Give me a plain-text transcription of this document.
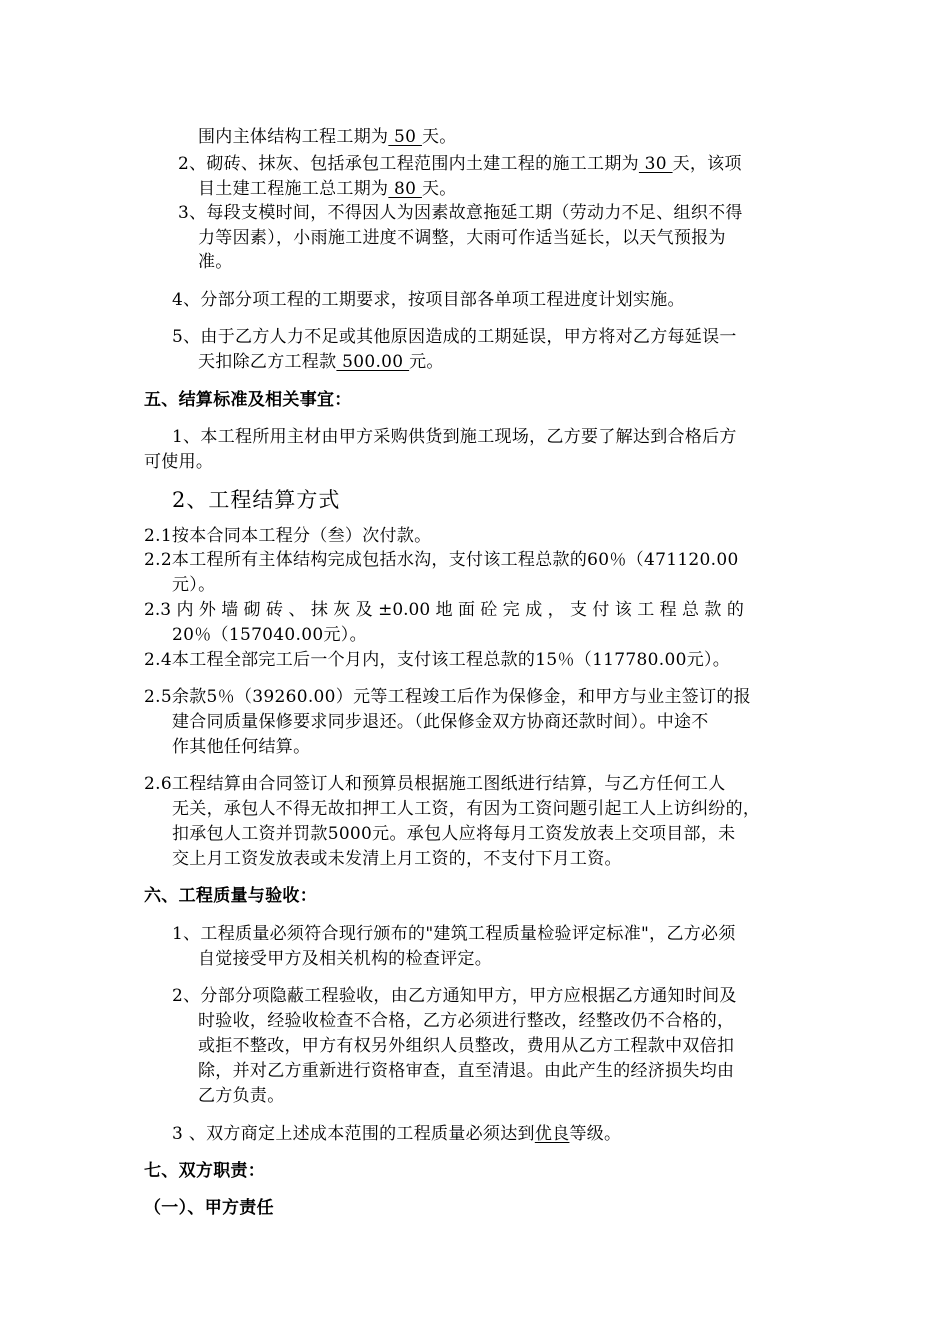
围内主体结构工程工期为 50 天。
2、砌砖、抹灰、包括承包工程范围内土建工程的施工工期为 30 天，该项
目土建工程施工总工期为 80 天。
3、每段支模时间，不得因人为因素故意拖延工期（劳动力不足、组织不得
力等因素），小雨施工进度不调整，大雨可作适当延长，以天气预报为
准。
4、分部分项工程的工期要求，按项目部各单项工程进度计划实施。
5、由于乙方人力不足或其他原因造成的工期延误，甲方将对乙方每延误一
天扣除乙方工程款 500.00 元。
五、结算标准及相关事宜：
1、本工程所用主材由甲方采购供货到施工现场，乙方要了解达到合格后方
可使用。
2、工程结算方式
2.1按本合同本工程分（叁）次付款。
2.2本工程所有主体结构完成包括水沟，支付该工程总款的60％（471120.00
元）。
2.3 内 外 墙 砌 砖 、 抹 灰 及 ±0.00 地 面 砼 完 成 ， 支 付 该 工 程 总 款 的
20％（157040.00元）。
2.4本工程全部完工后一个月内，支付该工程总款的15％（117780.00元）。
2.5余款5％（39260.00）元等工程竣工后作为保修金，和甲方与业主签订的报
建合同质量保修要求同步退还。（此保修金双方协商还款时间）。中途不
作其他任何结算。
2.6工程结算由合同签订人和预算员根据施工图纸进行结算，与乙方任何工人
无关，承包人不得无故扣押工人工资，有因为工资问题引起工人上访纠纷的，
扣承包人工资并罚款5000元。承包人应将每月工资发放表上交项目部，未
交上月工资发放表或未发清上月工资的，不支付下月工资。
六、工程质量与验收：
1、工程质量必须符合现行颁布的"建筑工程质量检验评定标准"，乙方必须
自觉接受甲方及相关机构的检查评定。
2、分部分项隐蔽工程验收，由乙方通知甲方，甲方应根据乙方通知时间及
时验收，经验收检查不合格，乙方必须进行整改，经整改仍不合格的，
或拒不整改，甲方有权另外组织人员整改，费用从乙方工程款中双倍扣
除，并对乙方重新进行资格审查，直至清退。由此产生的经济损失均由
乙方负责。
3 、双方商定上述成本范围的工程质量必须达到优良等级。
七、双方职责：
（一）、甲方责任
